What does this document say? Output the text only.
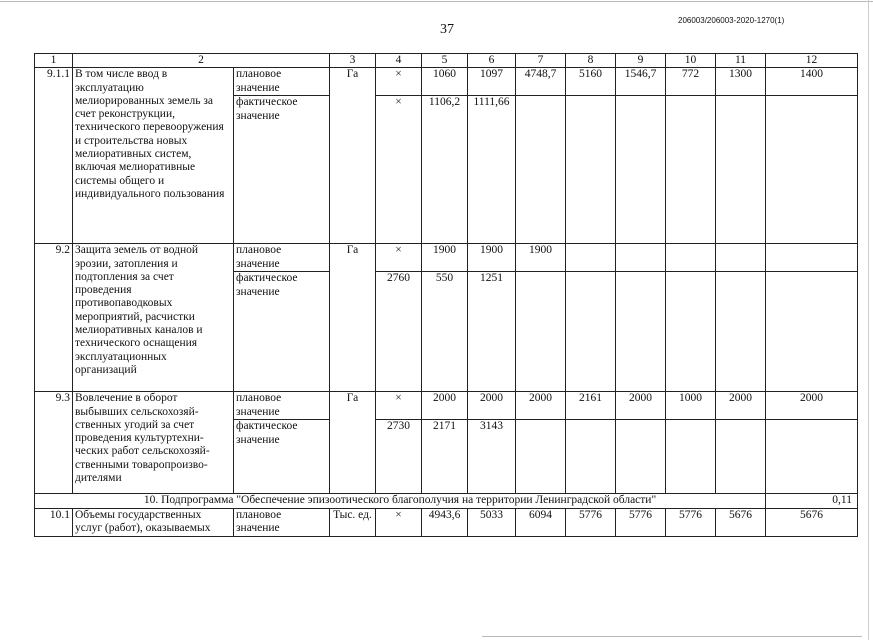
37
206003/206003-2020-1270(1)
1	2		3	4	5	6	7	8	9	10	11	12	
9.1.1	В том числе ввод в эксплуатацию мелиорированных земель за счет реконструкции, технического перевооружения и строительства новых мелиоративных систем, включая мелиоративные системы общего и индивидуального пользования	плановое значение	Га	×	1060	1097	4748,7	5160	1546,7	772	1300	1400	
		фактическое значение		×	1106,2	1111,66							
9.2	Защита земель от водной эрозии, затопления и подтопления за счет проведения противопаводковых мероприятий, расчистки мелиоративных каналов и технического оснащения эксплуатационных организаций	плановое значение	Га	×	1900	1900	1900						
		фактическое значение		2760	550	1251							
9.3	Вовлечение в оборот выбывших сельскохозяйственных угодий за счет проведения культуртехнических работ сельскохозяйственными товаропроизводителями	плановое значение	Га	×	2000	2000	2000	2161	2000	1000	2000	2000	
		фактическое значение		2730	2171	3143							
10. Подпрограмма "Обеспечение эпизоотического благополучия на территории Ленинградской области"												0,11	
10.1	Объемы государственных услуг (работ), оказываемых	плановое значение	Тыс. ед.	×	4943,6	5033	6094	5776	5776	5776	5676	5676	
